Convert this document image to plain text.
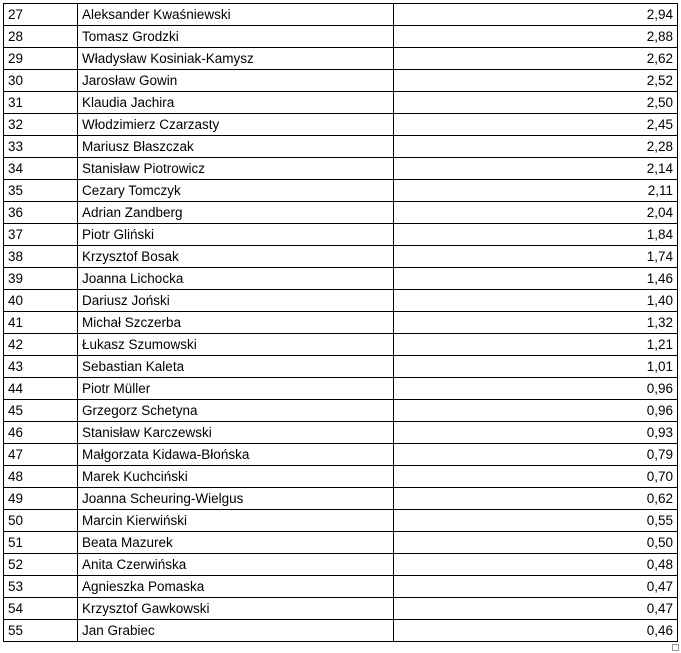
27	Aleksander Kwaśniewski	2,94
28	Tomasz Grodzki	2,88
29	Władysław Kosiniak-Kamysz	2,62
30	Jarosław Gowin	2,52
31	Klaudia Jachira	2,50
32	Włodzimierz Czarzasty	2,45
33	Mariusz Błaszczak	2,28
34	Stanisław Piotrowicz	2,14
35	Cezary Tomczyk	2,11
36	Adrian Zandberg	2,04
37	Piotr Gliński	1,84
38	Krzysztof Bosak	1,74
39	Joanna Lichocka	1,46
40	Dariusz Joński	1,40
41	Michał Szczerba	1,32
42	Łukasz Szumowski	1,21
43	Sebastian Kaleta	1,01
44	Piotr Müller	0,96
45	Grzegorz Schetyna	0,96
46	Stanisław Karczewski	0,93
47	Małgorzata Kidawa-Błońska	0,79
48	Marek Kuchciński	0,70
49	Joanna Scheuring-Wielgus	0,62
50	Marcin Kierwiński	0,55
51	Beata Mazurek	0,50
52	Anita Czerwińska	0,48
53	Agnieszka Pomaska	0,47
54	Krzysztof Gawkowski	0,47
55	Jan Grabiec	0,46
